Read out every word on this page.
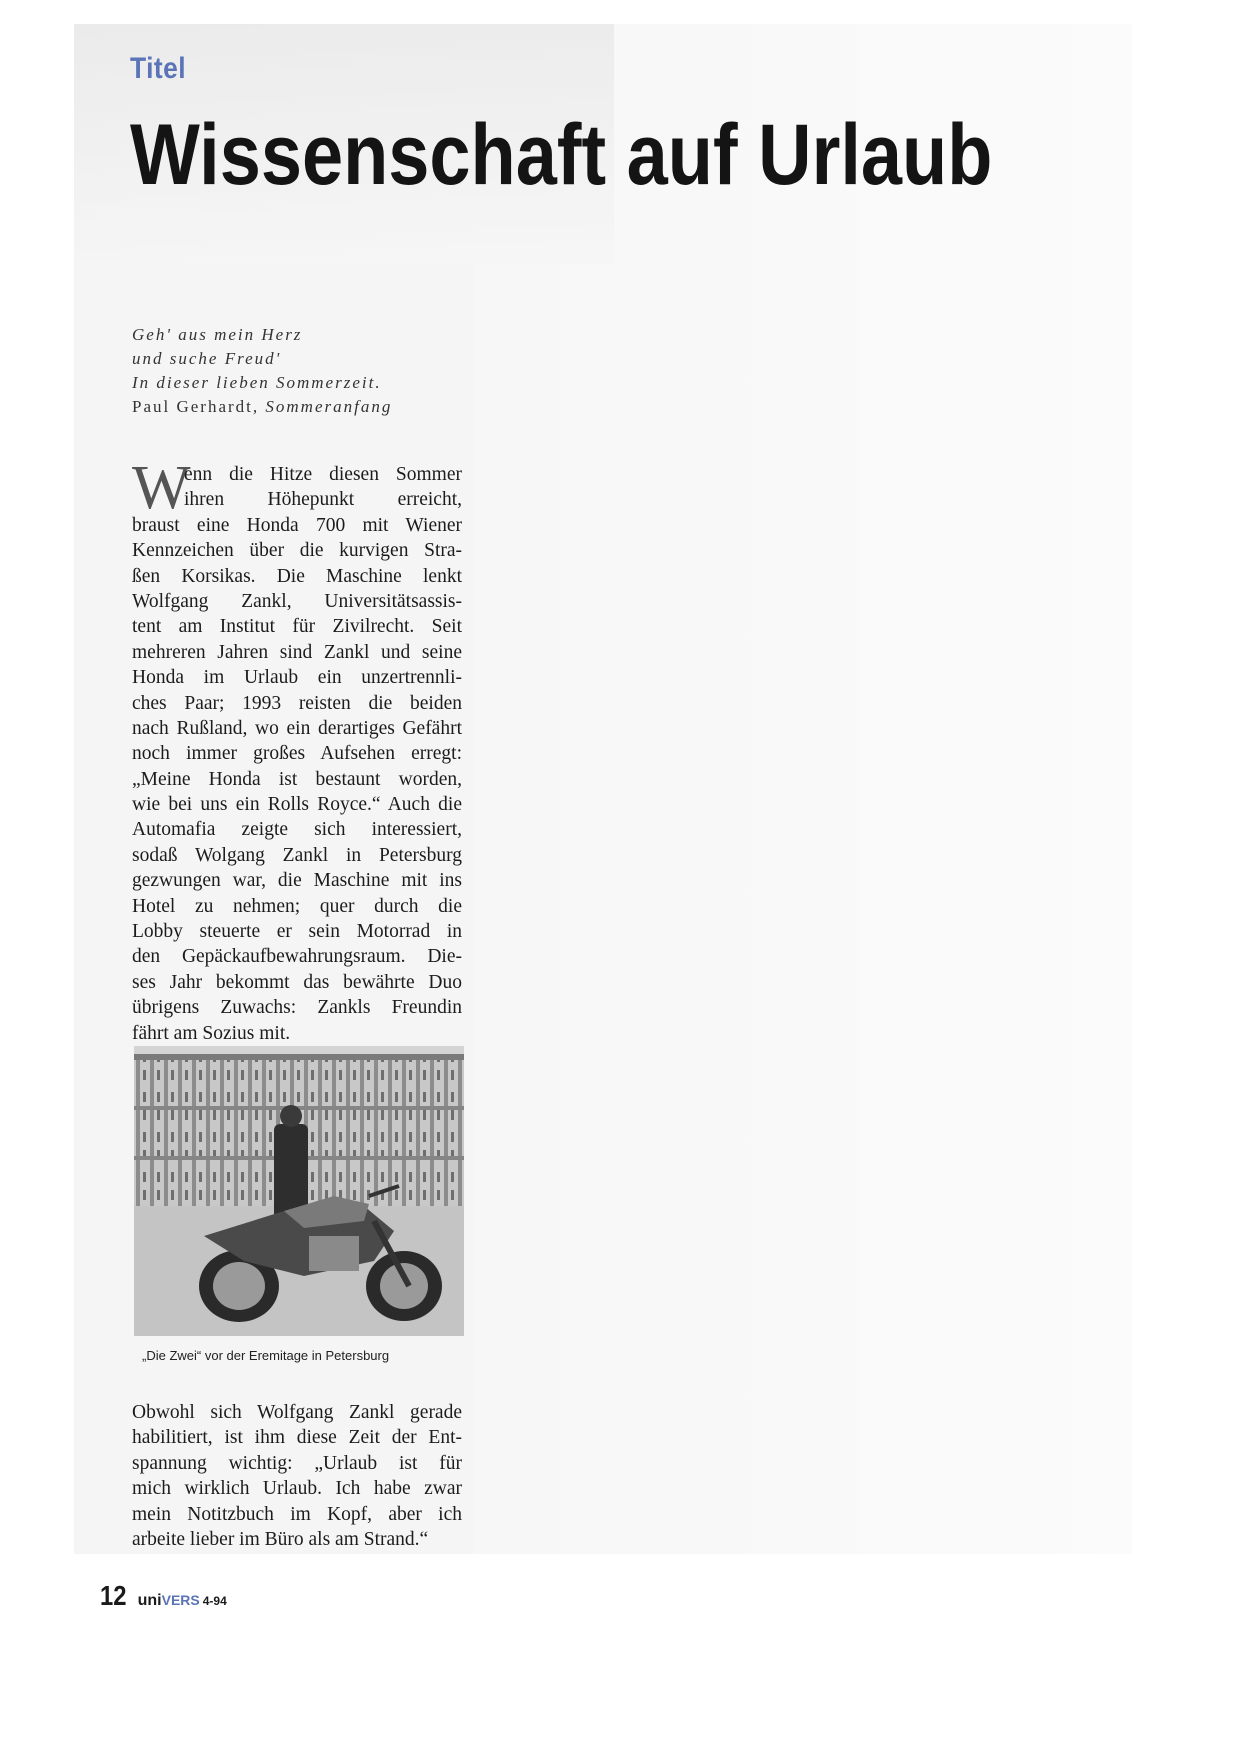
Titel
Wissenschaft auf Urlaub
Geh' aus mein Herz
und suche Freud'
In dieser lieben Sommerzeit.
Paul Gerhardt, Sommeranfang
W
enn die Hitze diesen Sommer
ihren Höhepunkt erreicht,
braust eine Honda 700 mit Wiener
Kennzeichen über die kurvigen Stra-
ßen Korsikas. Die Maschine lenkt
Wolfgang Zankl, Universitätsassis-
tent am Institut für Zivilrecht. Seit
mehreren Jahren sind Zankl und seine
Honda im Urlaub ein unzertrennli-
ches Paar; 1993 reisten die beiden
nach Rußland, wo ein derartiges Gefährt
noch immer großes Aufsehen erregt:
„Meine Honda ist bestaunt worden,
wie bei uns ein Rolls Royce.“ Auch die
Automafia zeigte sich interessiert,
sodaß Wolgang Zankl in Petersburg
gezwungen war, die Maschine mit ins
Hotel zu nehmen; quer durch die
Lobby steuerte er sein Motorrad in
den Gepäckaufbewahrungsraum. Die-
ses Jahr bekommt das bewährte Duo
übrigens Zuwachs: Zankls Freundin
fährt am Sozius mit.
„Die Zwei“ vor der Eremitage in Petersburg
Obwohl sich Wolfgang Zankl gerade
habilitiert, ist ihm diese Zeit der Ent-
spannung wichtig: „Urlaub ist für
mich wirklich Urlaub. Ich habe zwar
mein Notitzbuch im Kopf, aber ich
arbeite lieber im Büro als am Strand.“
12 uniVERS 4-94
